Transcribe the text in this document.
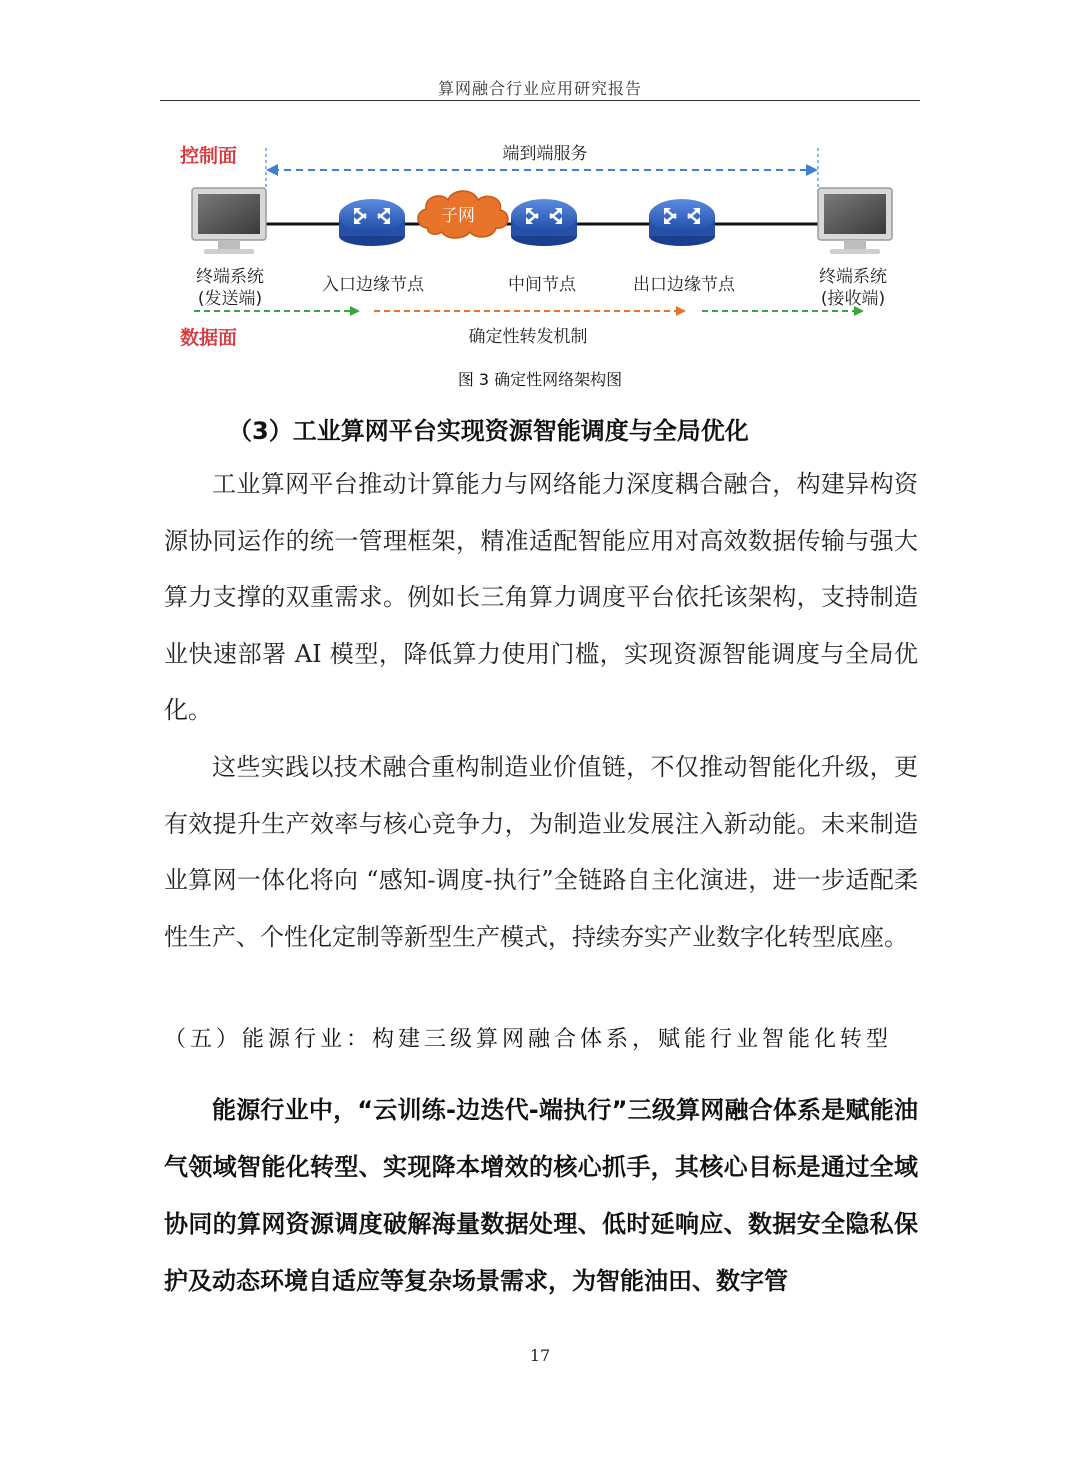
算网融合行业应用研究报告
控制面	端到端服务
子网
终端系统
(发送端)
入口边缘节点	中间节点	出口边缘节点	终端系统
(接收端)
数据面	确定性转发机制
图 3 确定性网络架构图
（3）工业算网平台实现资源智能调度与全局优化

工业算网平台推动计算能力与网络能力深度耦合融合，构建异构资源协同运作的统一管理框架，精准适配智能应用对高效数据传输与强大算力支撑的双重需求。例如长三角算力调度平台依托该架构，支持制造业快速部署 AI 模型，降低算力使用门槛，实现资源智能调度与全局优化。

这些实践以技术融合重构制造业价值链，不仅推动智能化升级，更有效提升生产效率与核心竞争力，为制造业发展注入新动能。未来制造业算网一体化将向 “感知-调度-执行”全链路自主化演进，进一步适配柔性生产、个性化定制等新型生产模式，持续夯实产业数字化转型底座。

（五）能源行业：构建三级算网融合体系，赋能行业智能化转型

能源行业中，“云训练-边迭代-端执行”三级算网融合体系是赋能油气领域智能化转型、实现降本增效的核心抓手，其核心目标是通过全域协同的算网资源调度破解海量数据处理、低时延响应、数据安全隐私保护及动态环境自适应等复杂场景需求，为智能油田、数字管

17
